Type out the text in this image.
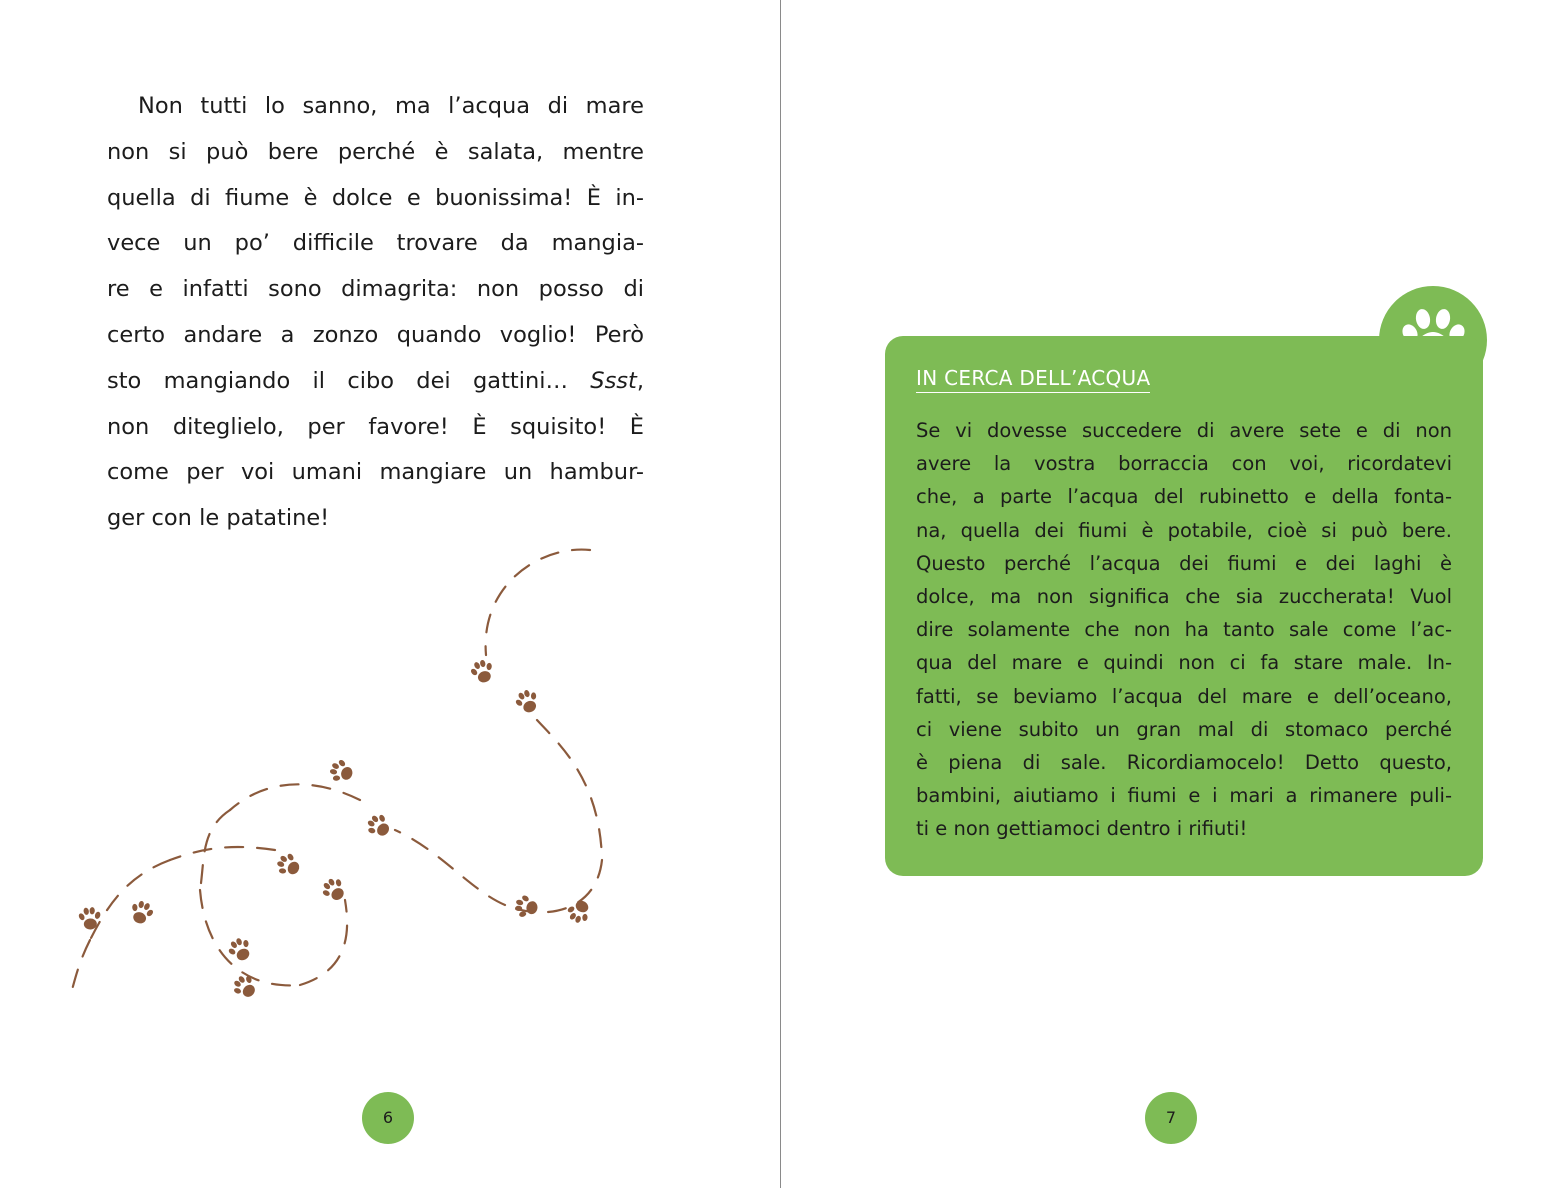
Non tutti lo sanno, ma l’acqua di mare
non si può bere perché è salata, mentre
quella di fiume è dolce e buonissima! È in-
vece un po’ difficile trovare da mangia-
re e infatti sono dimagrita: non posso di
certo andare a zonzo quando voglio! Però
sto mangiando il cibo dei gattini… Ssst,
non diteglielo, per favore! È squisito! È
come per voi umani mangiare un hambur-
ger con le patatine!
6
IN CERCA DELL’ACQUA
Se vi dovesse succedere di avere sete e di non
avere la vostra borraccia con voi, ricordatevi
che, a parte l’acqua del rubinetto e della fonta-
na, quella dei fiumi è potabile, cioè si può bere.
Questo perché l’acqua dei fiumi e dei laghi è
dolce, ma non significa che sia zuccherata! Vuol
dire solamente che non ha tanto sale come l’ac-
qua del mare e quindi non ci fa stare male. In-
fatti, se beviamo l’acqua del mare e dell’oceano,
ci viene subito un gran mal di stomaco perché
è piena di sale. Ricordiamocelo! Detto questo,
bambini, aiutiamo i fiumi e i mari a rimanere puli-
ti e non gettiamoci dentro i rifiuti!
7
